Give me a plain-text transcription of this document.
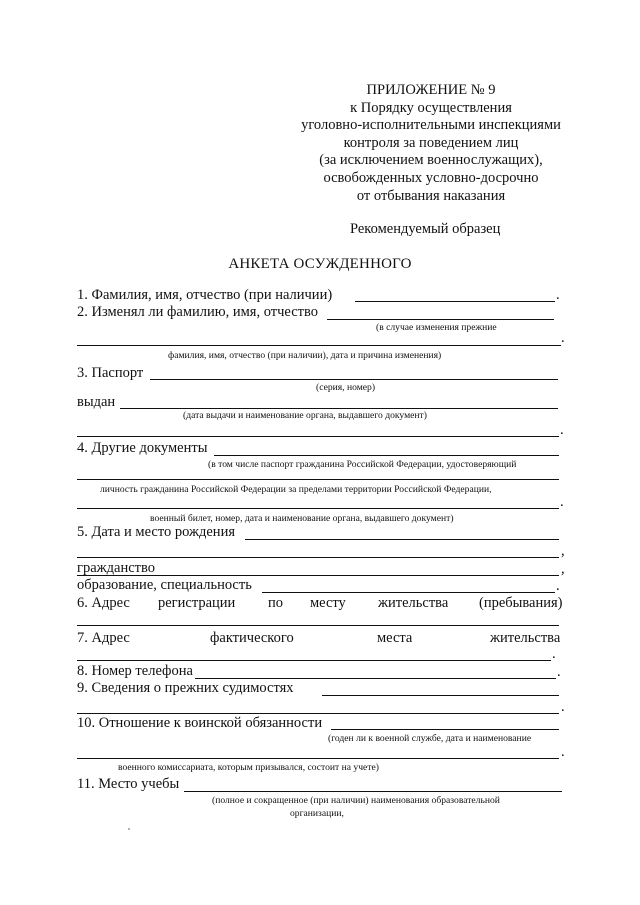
ПРИЛОЖЕНИЕ № 9
к Порядку осуществления
уголовно-исполнительными инспекциями
контроля за поведением лиц
(за исключением военнослужащих),
освобожденных условно-досрочно
от отбывания наказания
Рекомендуемый образец
АНКЕТА ОСУЖДЕННОГО
1. Фамилия, имя, отчество (при наличии)	.
2. Изменял ли фамилию, имя, отчество
(в случае изменения прежние
.
фамилия, имя, отчество (при наличии), дата и причина изменения)
3. Паспорт
(серия, номер)
выдан
(дата выдачи и наименование органа, выдавшего документ)
.
4. Другие документы
(в том числе паспорт гражданина Российской Федерации, удостоверяющий
личность гражданина Российской Федерации за пределами территории Российской Федерации,
.
военный билет, номер, дата и наименование органа, выдавшего документ)
5. Дата и место рождения
,
гражданство	,
образование, специальность	.
6. Адрес регистрации по месту жительства (пребывания)
7. Адрес	фактического	места	жительства
.
8. Номер телефона	.
9. Сведения о прежних судимостях
.
10. Отношение к воинской обязанности
(годен ли к военной службе, дата и наименование
.
военного комиссариата, которым призывался, состоит на учете)
11. Место учебы
(полное и сокращенное (при наличии) наименования образовательной
организации,
